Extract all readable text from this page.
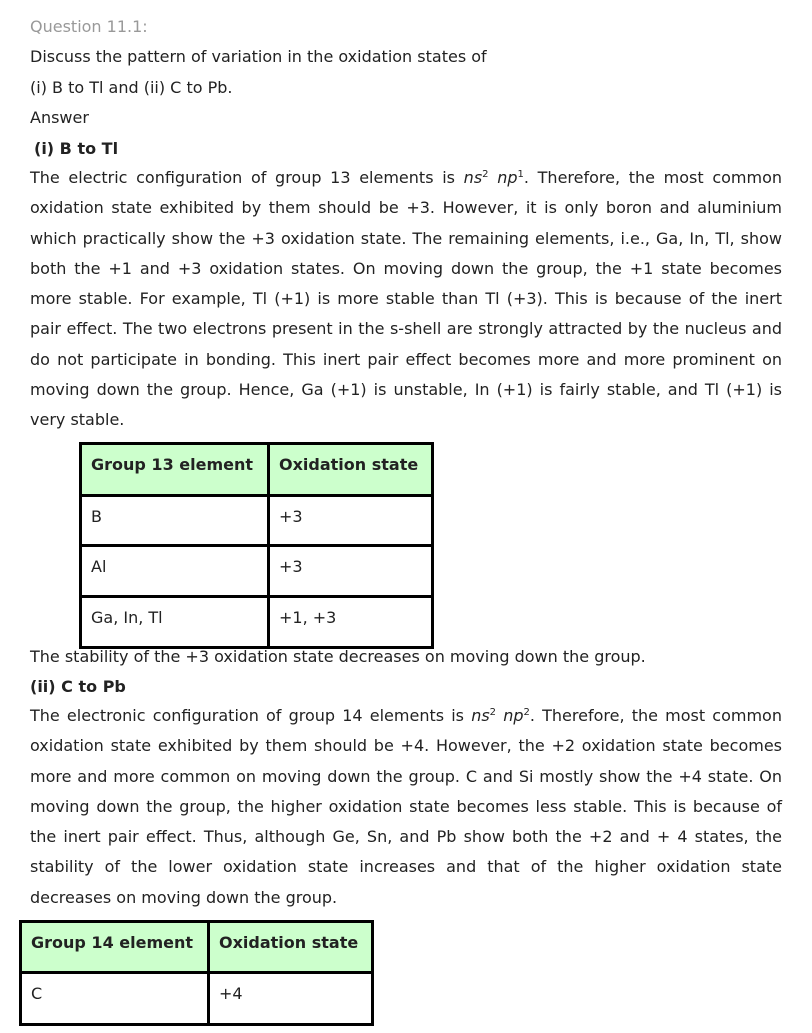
Question 11.1:
Discuss the pattern of variation in the oxidation states of
(i) B to Tl and (ii) C to Pb.
Answer
(i) B to Tl
The electric configuration of group 13 elements is $ns^2$ $np^1$. Therefore, the most common oxidation state exhibited by them should be +3. However, it is only boron and aluminium which practically show the +3 oxidation state. The remaining elements, i.e., Ga, In, Tl, show both the +1 and +3 oxidation states. On moving down the group, the +1 state becomes more stable. For example, Tl (+1) is more stable than Tl (+3). This is because of the inert pair effect. The two electrons present in the s-shell are strongly attracted by the nucleus and do not participate in bonding. This inert pair effect becomes more and more prominent on moving down the group. Hence, Ga (+1) is unstable, In (+1) is fairly stable, and Tl (+1) is very stable.
Group 13 element	Oxidation state
B	+3
Al	+3
Ga, In, Tl	+1, +3
The stability of the +3 oxidation state decreases on moving down the group.
(ii) C to Pb
The electronic configuration of group 14 elements is $ns^2$ $np^2$. Therefore, the most common oxidation state exhibited by them should be +4. However, the +2 oxidation state becomes more and more common on moving down the group. C and Si mostly show the +4 state. On moving down the group, the higher oxidation state becomes less stable. This is because of the inert pair effect. Thus, although Ge, Sn, and Pb show both the +2 and + 4 states, the stability of the lower oxidation state increases and that of the higher oxidation state decreases on moving down the group.
Group 14 element	Oxidation state
C	+4
